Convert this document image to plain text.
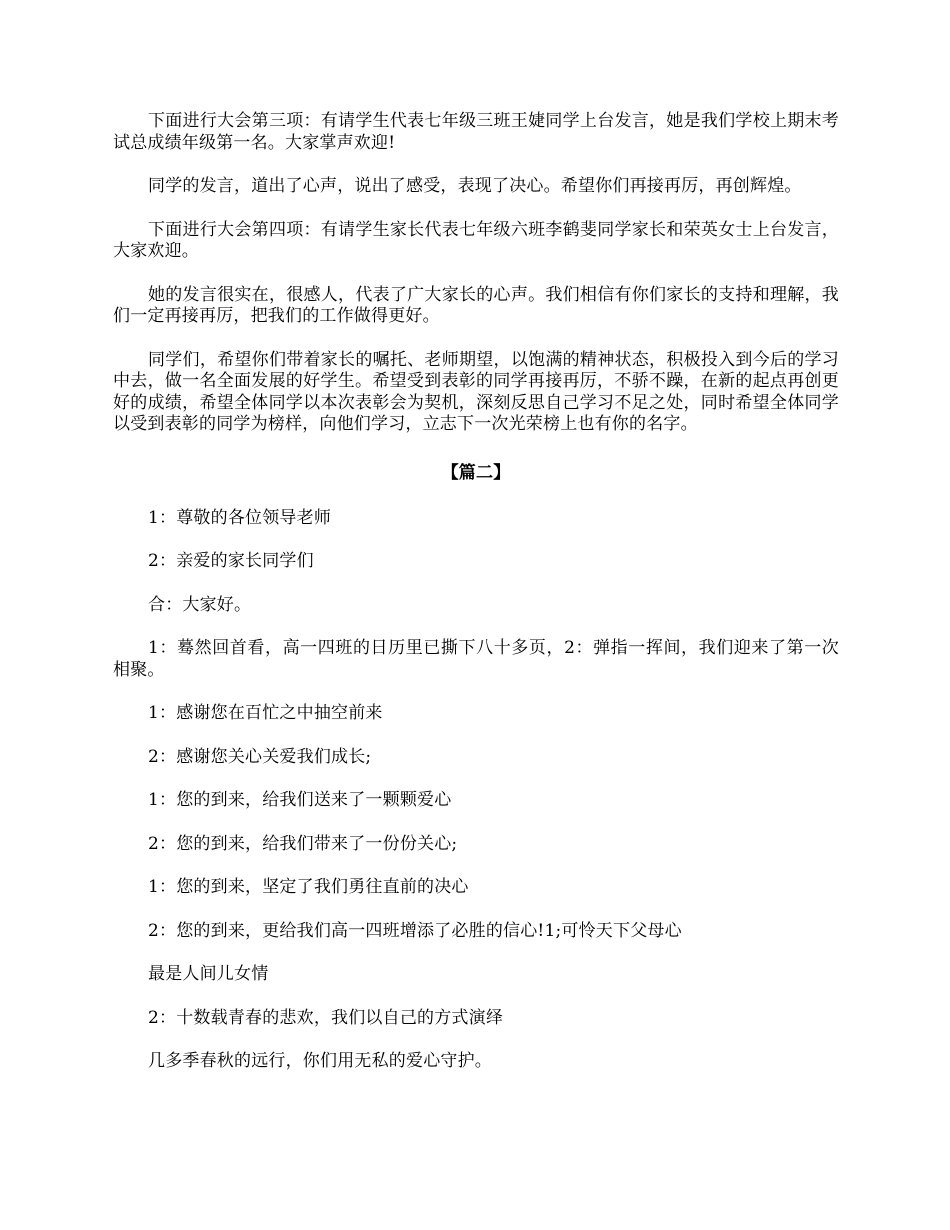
下面进行大会第三项：有请学生代表七年级三班王婕同学上台发言，她是我们学校上期末考试总成绩年级第一名。大家掌声欢迎!

同学的发言，道出了心声，说出了感受，表现了决心。希望你们再接再厉，再创辉煌。

下面进行大会第四项：有请学生家长代表七年级六班李鹤斐同学家长和荣英女士上台发言，大家欢迎。

她的发言很实在，很感人，代表了广大家长的心声。我们相信有你们家长的支持和理解，我们一定再接再厉，把我们的工作做得更好。

同学们，希望你们带着家长的嘱托、老师期望，以饱满的精神状态，积极投入到今后的学习中去，做一名全面发展的好学生。希望受到表彰的同学再接再厉，不骄不躁，在新的起点再创更好的成绩，希望全体同学以本次表彰会为契机，深刻反思自己学习不足之处，同时希望全体同学以受到表彰的同学为榜样，向他们学习，立志下一次光荣榜上也有你的名字。

【篇二】

1：尊敬的各位领导老师

2：亲爱的家长同学们

合：大家好。

1：蓦然回首看，高一四班的日历里已撕下八十多页，2：弹指一挥间，我们迎来了第一次相聚。

1：感谢您在百忙之中抽空前来

2：感谢您关心关爱我们成长;

1：您的到来，给我们送来了一颗颗爱心

2：您的到来，给我们带来了一份份关心;

1：您的到来，坚定了我们勇往直前的决心

2：您的到来，更给我们高一四班增添了必胜的信心!1;可怜天下父母心

最是人间儿女情

2：十数载青春的悲欢，我们以自己的方式演绎

几多季春秋的远行，你们用无私的爱心守护。
